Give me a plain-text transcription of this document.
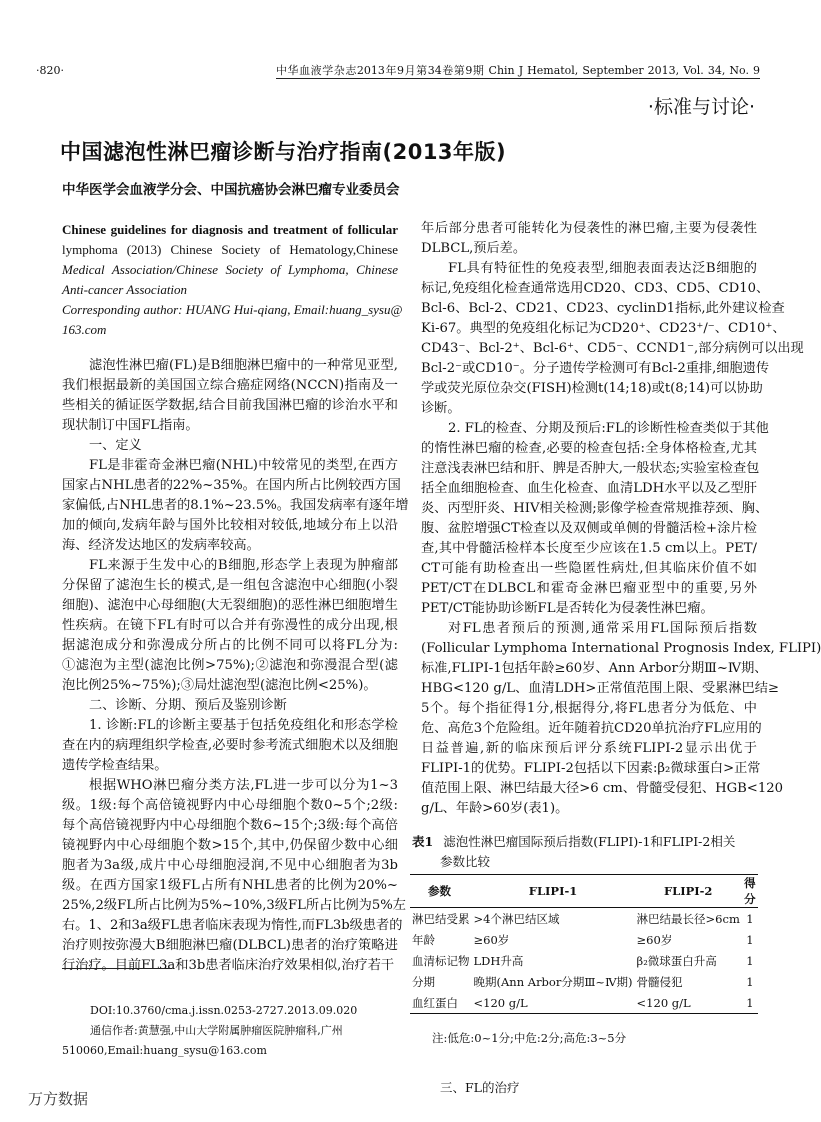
·820·	中华血液学杂志2013年9月第34卷第9期 Chin J Hematol, September 2013, Vol. 34, No. 9
·标准与讨论·
中国滤泡性淋巴瘤诊断与治疗指南(2013年版)
中华医学会血液学分会、中国抗癌协会淋巴瘤专业委员会
Chinese guidelines for diagnosis and treatment of follicular
lymphoma (2013) Chinese Society of Hematology,Chinese
Medical Association/Chinese Society of Lymphoma, Chinese
Anti-cancer Association
Corresponding author: HUANG Hui-qiang, Email:huang_sysu@
163.com
滤泡性淋巴瘤(FL)是B细胞淋巴瘤中的一种常见亚型,
我们根据最新的美国国立综合癌症网络(NCCN)指南及一
些相关的循证医学数据,结合目前我国淋巴瘤的诊治水平和
现状制订中国FL指南。
一、定义
FL是非霍奇金淋巴瘤(NHL)中较常见的类型,在西方
国家占NHL患者的22%~35%。在国内所占比例较西方国
家偏低,占NHL患者的8.1%~23.5%。我国发病率有逐年增
加的倾向,发病年龄与国外比较相对较低,地域分布上以沿
海、经济发达地区的发病率较高。
FL来源于生发中心的B细胞,形态学上表现为肿瘤部
分保留了滤泡生长的模式,是一组包含滤泡中心细胞(小裂
细胞)、滤泡中心母细胞(大无裂细胞)的恶性淋巴细胞增生
性疾病。在镜下FL有时可以合并有弥漫性的成分出现,根
据滤泡成分和弥漫成分所占的比例不同可以将FL分为:
①滤泡为主型(滤泡比例>75%);②滤泡和弥漫混合型(滤
泡比例25%~75%);③局灶滤泡型(滤泡比例<25%)。
二、诊断、分期、预后及鉴别诊断
1. 诊断:FL的诊断主要基于包括免疫组化和形态学检
查在内的病理组织学检查,必要时参考流式细胞术以及细胞
遗传学检查结果。
根据WHO淋巴瘤分类方法,FL进一步可以分为1~3
级。1级:每个高倍镜视野内中心母细胞个数0~5个;2级:
每个高倍镜视野内中心母细胞个数6~15个;3级:每个高倍
镜视野内中心母细胞个数>15个,其中,仍保留少数中心细
胞者为3a级,成片中心母细胞浸润,不见中心细胞者为3b
级。在西方国家1级FL占所有NHL患者的比例为20%~
25%,2级FL所占比例为5%~10%,3级FL所占比例为5%左
右。1、2和3a级FL患者临床表现为惰性,而FL3b级患者的
治疗则按弥漫大B细胞淋巴瘤(DLBCL)患者的治疗策略进
行治疗。目前FL3a和3b患者临床治疗效果相似,治疗若干
年后部分患者可能转化为侵袭性的淋巴瘤,主要为侵袭性
DLBCL,预后差。
FL具有特征性的免疫表型,细胞表面表达泛B细胞的
标记,免疫组化检查通常选用CD20、CD3、CD5、CD10、
Bcl-6、Bcl-2、CD21、CD23、cyclinD1指标,此外建议检查
Ki-67。典型的免疫组化标记为CD20⁺、CD23⁺/⁻、CD10⁺、
CD43⁻、Bcl-2⁺、Bcl-6⁺、CD5⁻、CCND1⁻,部分病例可以出现
Bcl-2⁻或CD10⁻。分子遗传学检测可有Bcl-2重排,细胞遗传
学或荧光原位杂交(FISH)检测t(14;18)或t(8;14)可以协助
诊断。
2. FL的检查、分期及预后:FL的诊断性检查类似于其他
的惰性淋巴瘤的检查,必要的检查包括:全身体格检查,尤其
注意浅表淋巴结和肝、脾是否肿大,一般状态;实验室检查包
括全血细胞检查、血生化检查、血清LDH水平以及乙型肝
炎、丙型肝炎、HIV相关检测;影像学检查常规推荐颈、胸、
腹、盆腔增强CT检查以及双侧或单侧的骨髓活检+涂片检
查,其中骨髓活检样本长度至少应该在1.5 cm以上。PET/
CT可能有助检查出一些隐匿性病灶,但其临床价值不如
PET/CT在DLBCL和霍奇金淋巴瘤亚型中的重要,另外
PET/CT能协助诊断FL是否转化为侵袭性淋巴瘤。
对FL患者预后的预测,通常采用FL国际预后指数
(Follicular Lymphoma International Prognosis Index, FLIPI)
标准,FLIPI-1包括年龄≥60岁、Ann Arbor分期Ⅲ~Ⅳ期、
HBG<120 g/L、血清LDH>正常值范围上限、受累淋巴结≥
5个。每个指征得1分,根据得分,将FL患者分为低危、中
危、高危3个危险组。近年随着抗CD20单抗治疗FL应用的
日益普遍,新的临床预后评分系统FLIPI-2显示出优于
FLIPI-1的优势。FLIPI-2包括以下因素:β₂微球蛋白>正常
值范围上限、淋巴结最大径>6 cm、骨髓受侵犯、HGB<120
g/L、年龄>60岁(表1)。
DOI:10.3760/cma.j.issn.0253-2727.2013.09.020
通信作者:黄慧强,中山大学附属肿瘤医院肿瘤科,广州
510060,Email:huang_sysu@163.com
表1 滤泡性淋巴瘤国际预后指数(FLIPI)-1和FLIPI-2相关
参数比较
参数	FLIPI-1	FLIPI-2	得分
淋巴结受累	>4个淋巴结区域	淋巴结最长径>6cm	1
年龄	≥60岁	≥60岁	1
血清标记物	LDH升高	β₂微球蛋白升高	1
分期	晚期(Ann Arbor分期Ⅲ~Ⅳ期)	骨髓侵犯	1
血红蛋白	<120 g/L	<120 g/L	1
注:低危:0~1分;中危:2分;高危:3~5分
三、FL的治疗
万方数据
